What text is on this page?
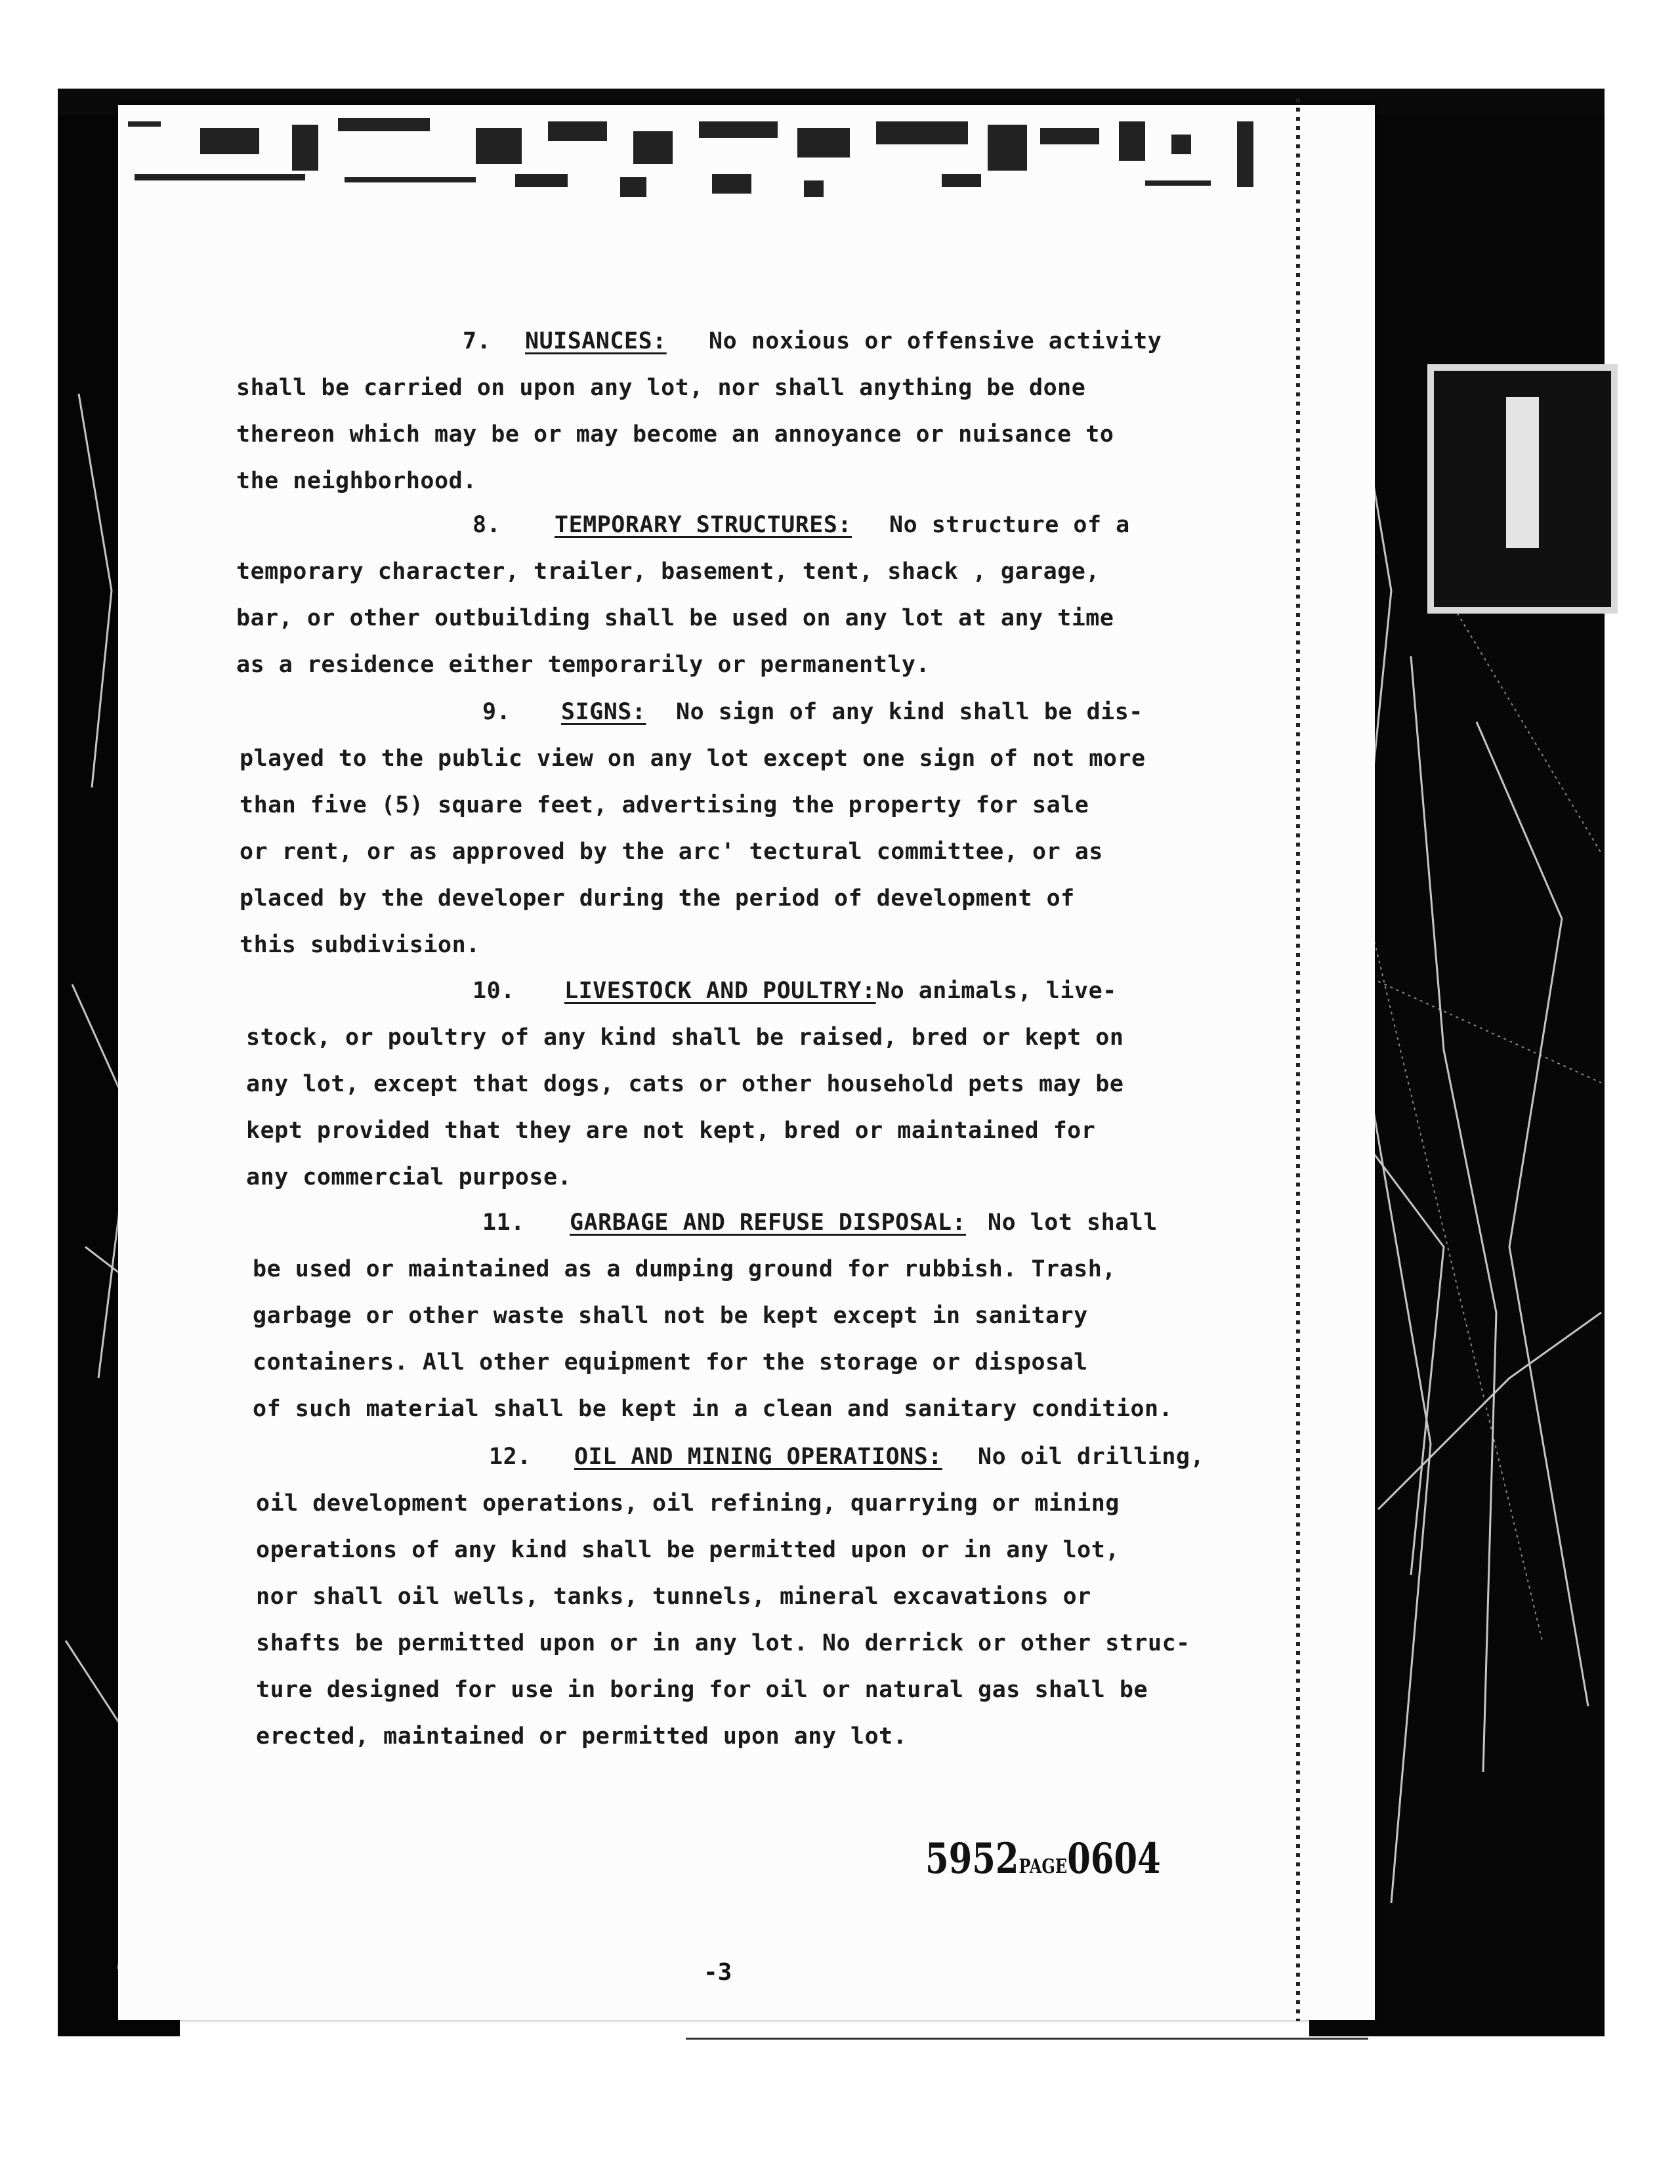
7. NUISANCES: No noxious or offensive activity
shall be carried on upon any lot, nor shall anything be done
thereon which may be or may become an annoyance or nuisance to
the neighborhood.
8. TEMPORARY STRUCTURES: No structure of a
temporary character, trailer, basement, tent, shack , garage,
bar, or other outbuilding shall be used on any lot at any time
as a residence either temporarily or permanently.
9. SIGNS: No sign of any kind shall be dis-
played to the public view on any lot except one sign of not more
than five (5) square feet, advertising the property for sale
or rent, or as approved by the arc' tectural committee, or as
placed by the developer during the period of development of
this subdivision.
10. LIVESTOCK AND POULTRY: No animals, live-
stock, or poultry of any kind shall be raised, bred or kept on
any lot, except that dogs, cats or other household pets may be
kept provided that they are not kept, bred or maintained for
any commercial purpose.
11. GARBAGE AND REFUSE DISPOSAL: No lot shall
be used or maintained as a dumping ground for rubbish. Trash,
garbage or other waste shall not be kept except in sanitary
containers. All other equipment for the storage or disposal
of such material shall be kept in a clean and sanitary condition.
12. OIL AND MINING OPERATIONS: No oil drilling,
oil development operations, oil refining, quarrying or mining
operations of any kind shall be permitted upon or in any lot,
nor shall oil wells, tanks, tunnels, mineral excavations or
shafts be permitted upon or in any lot. No derrick or other struc-
ture designed for use in boring for oil or natural gas shall be
erected, maintained or permitted upon any lot.
5952PAGE0604
-3
